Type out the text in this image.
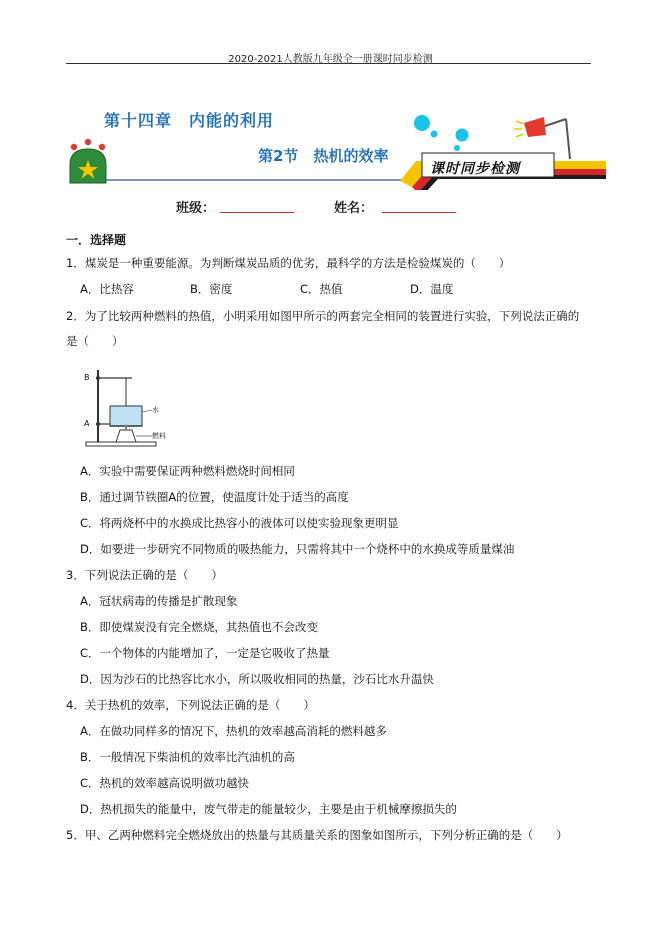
2020-2021人教版九年级全一册课时同步检测
课时同步检测
第十四章　内能的利用
第2节　热机的效率
班级：	姓名：
一．选择题
1．煤炭是一种重要能源。为判断煤炭品质的优劣，最科学的方法是检验煤炭的（　　）
A．比热容	B．密度	C．热值	D．温度
2．为了比较两种燃料的热值，小明采用如图甲所示的两套完全相同的装置进行实验，下列说法正确的
是（　　）
B
A
水
燃料
A．实验中需要保证两种燃料燃烧时间相同
B．通过调节铁圈A的位置，使温度计处于适当的高度
C．将两烧杯中的水换成比热容小的液体可以使实验现象更明显
D．如要进一步研究不同物质的吸热能力，只需将其中一个烧杯中的水换成等质量煤油
3．下列说法正确的是（　　）
A．冠状病毒的传播是扩散现象
B．即使煤炭没有完全燃烧，其热值也不会改变
C．一个物体的内能增加了，一定是它吸收了热量
D．因为沙石的比热容比水小，所以吸收相同的热量，沙石比水升温快
4．关于热机的效率，下列说法正确的是（　　）
A．在做功同样多的情况下，热机的效率越高消耗的燃料越多
B．一般情况下柴油机的效率比汽油机的高
C．热机的效率越高说明做功越快
D．热机损失的能量中，废气带走的能量较少，主要是由于机械摩擦损失的
5．甲、乙两种燃料完全燃烧放出的热量与其质量关系的图象如图所示，下列分析正确的是（　　）
